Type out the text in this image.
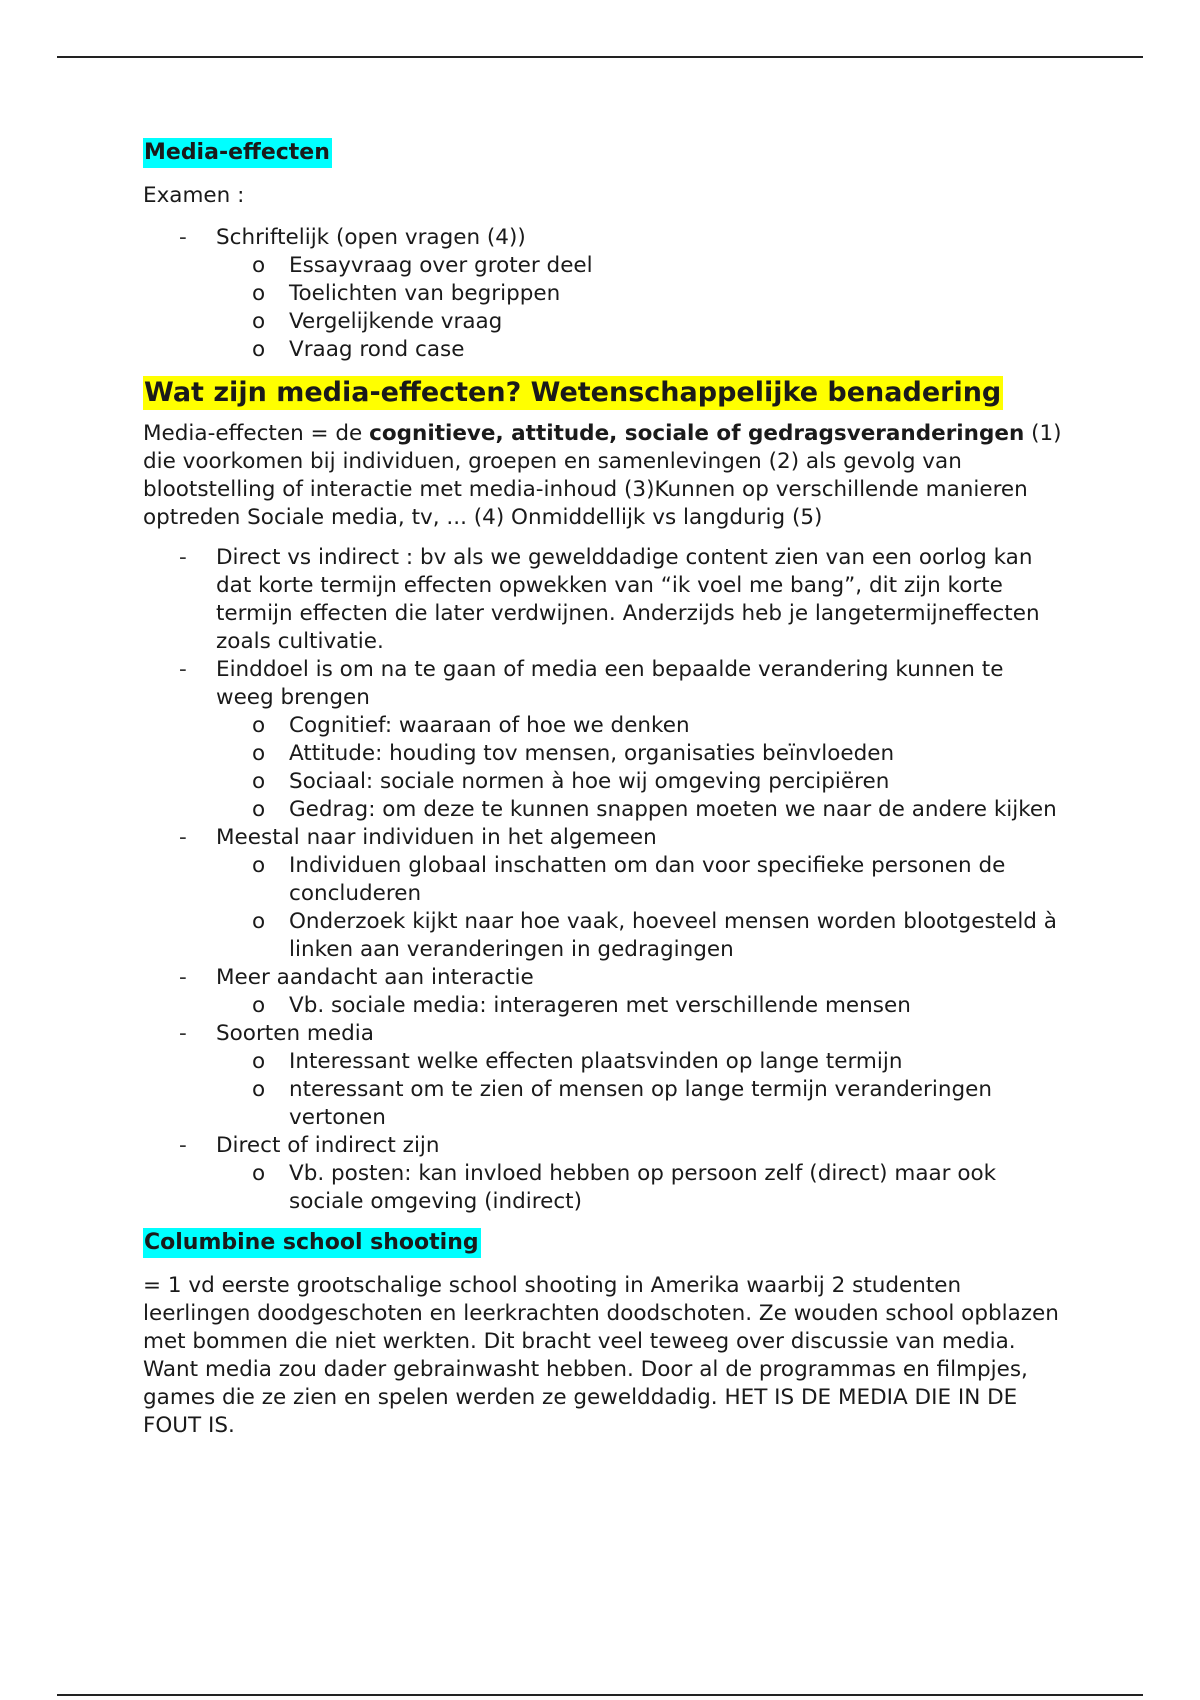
Media-effecten

Examen :

- Schriftelijk (open vragen (4))
o Essayvraag over groter deel
o Toelichten van begrippen
o Vergelijkende vraag
o Vraag rond case
Wat zijn media-effecten? Wetenschappelijke benadering

Media-effecten = de cognitieve, attitude, sociale of gedragsveranderingen (1) die voorkomen bij individuen, groepen en samenlevingen (2) als gevolg van blootstelling of interactie met media-inhoud (3)Kunnen op verschillende manieren optreden Sociale media, tv, ... (4) Onmiddellijk vs langdurig (5)

- Direct vs indirect : bv als we gewelddadige content zien van een oorlog kan dat korte termijn effecten opwekken van “ik voel me bang”, dit zijn korte termijn effecten die later verdwijnen. Anderzijds heb je langetermijneffecten zoals cultivatie.
- Einddoel is om na te gaan of media een bepaalde verandering kunnen te weeg brengen
o Cognitief: waaraan of hoe we denken
o Attitude: houding tov mensen, organisaties beïnvloeden
o Sociaal: sociale normen à hoe wij omgeving percipiëren
o Gedrag: om deze te kunnen snappen moeten we naar de andere kijken
- Meestal naar individuen in het algemeen
o Individuen globaal inschatten om dan voor specifieke personen de concluderen
o Onderzoek kijkt naar hoe vaak, hoeveel mensen worden blootgesteld à linken aan veranderingen in gedragingen
- Meer aandacht aan interactie
o Vb. sociale media: interageren met verschillende mensen
- Soorten media
o Interessant welke effecten plaatsvinden op lange termijn
o nteressant om te zien of mensen op lange termijn veranderingen vertonen
- Direct of indirect zijn
o Vb. posten: kan invloed hebben op persoon zelf (direct) maar ook sociale omgeving (indirect)
Columbine school shooting

= 1 vd eerste grootschalige school shooting in Amerika waarbij 2 studenten leerlingen doodgeschoten en leerkrachten doodschoten. Ze wouden school opblazen met bommen die niet werkten. Dit bracht veel teweeg over discussie van media. Want media zou dader gebrainwasht hebben. Door al de programmas en filmpjes, games die ze zien en spelen werden ze gewelddadig. HET IS DE MEDIA DIE IN DE FOUT IS.
